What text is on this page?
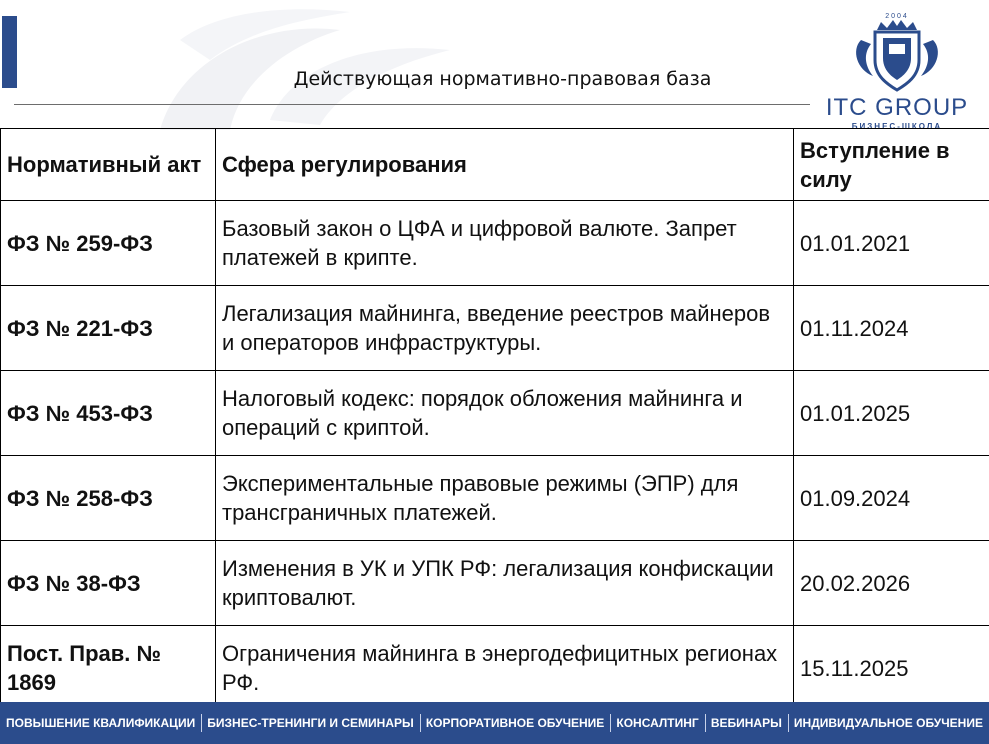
Действующая нормативно-правовая база
2004
ITC GROUP
БИЗНЕС-ШКОЛА
Нормативный акт	Сфера регулирования	Вступление в силу
ФЗ № 259-ФЗ	Базовый закон о ЦФА и цифровой валюте. Запрет платежей в крипте.	01.01.2021
ФЗ № 221-ФЗ	Легализация майнинга, введение реестров майнеров и операторов инфраструктуры.	01.11.2024
ФЗ № 453-ФЗ	Налоговый кодекс: порядок обложения майнинга и операций с криптой.	01.01.2025
ФЗ № 258-ФЗ	Экспериментальные правовые режимы (ЭПР) для трансграничных платежей.	01.09.2024
ФЗ № 38-ФЗ	Изменения в УК и УПК РФ: легализация конфискации криптовалют.	20.02.2026
Пост. Прав. № 1869	Ограничения майнинга в энергодефицитных регионах РФ.	15.11.2025
ПОВЫШЕНИЕ КВАЛИФИКАЦИИ	БИЗНЕС-ТРЕНИНГИ И СЕМИНАРЫ	КОРПОРАТИВНОЕ ОБУЧЕНИЕ	КОНСАЛТИНГ	ВЕБИНАРЫ	ИНДИВИДУАЛЬНОЕ ОБУЧЕНИЕ
